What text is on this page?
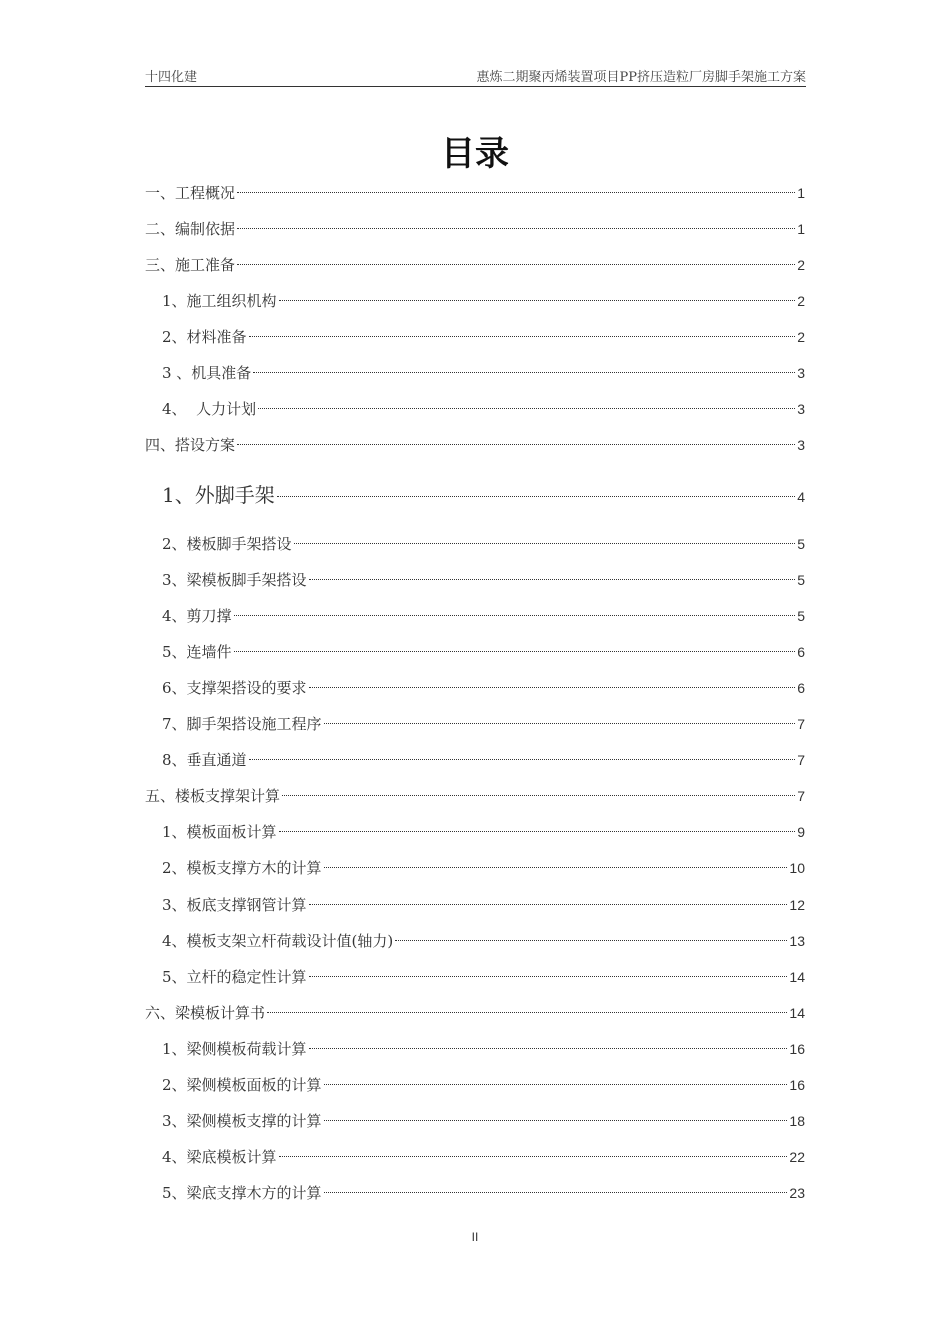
十四化建	惠炼二期聚丙烯装置项目PP挤压造粒厂房脚手架施工方案
目录
一、工程概况	1
二、编制依据	1
三、施工准备	2
1、施工组织机构	2
2、材料准备	2
3 、机具准备	3
4、  人力计划	3
四、搭设方案	3
1、外脚手架	4
2、楼板脚手架搭设	5
3、梁模板脚手架搭设	5
4、剪刀撑	5
5、连墙件	6
6、支撑架搭设的要求	6
7、脚手架搭设施工程序	7
8、垂直通道	7
五、楼板支撑架计算	7
1、模板面板计算	9
2、模板支撑方木的计算	10
3、板底支撑钢管计算	12
4、模板支架立杆荷载设计值(轴力)	13
5、立杆的稳定性计算	14
六、梁模板计算书	14
1、梁侧模板荷载计算	16
2、梁侧模板面板的计算	16
3、梁侧模板支撑的计算	18
4、梁底模板计算	22
5、梁底支撑木方的计算	23
II
